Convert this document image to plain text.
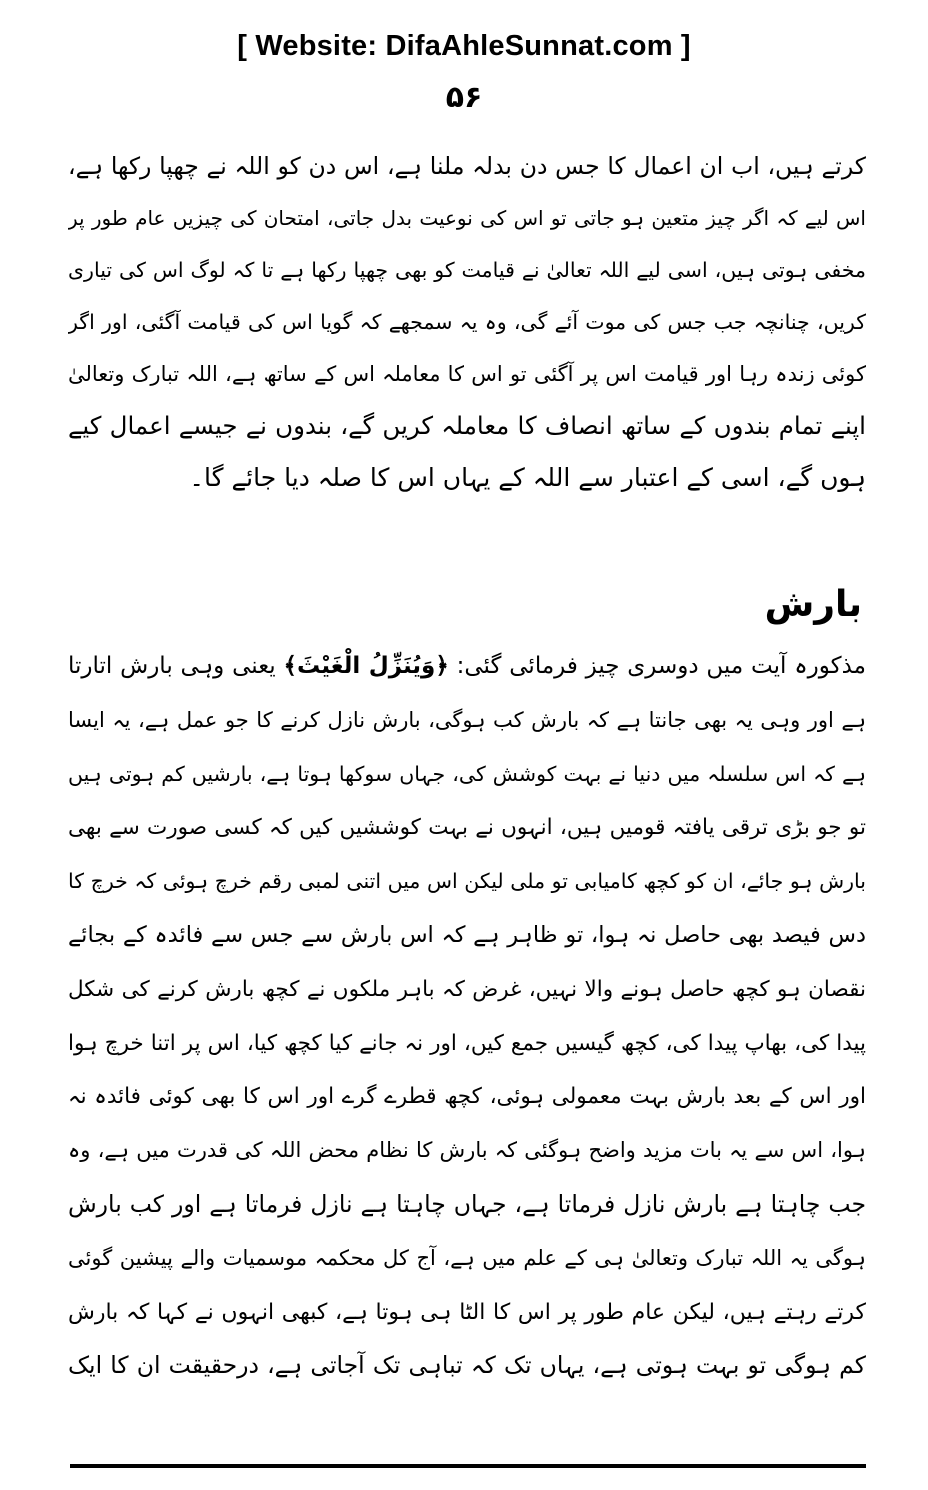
[ Website: DifaAhleSunnat.com ]
۵۶
کرتے ہیں، اب ان اعمال کا جس دن بدلہ ملنا ہے، اس دن کو اللہ نے چھپا رکھا ہے،
اس لیے کہ اگر چیز متعین ہو جاتی تو اس کی نوعیت بدل جاتی، امتحان کی چیزیں عام طور پر
مخفی ہوتی ہیں، اسی لیے اللہ تعالیٰ نے قیامت کو بھی چھپا رکھا ہے تا کہ لوگ اس کی تیاری
کریں، چنانچہ جب جس کی موت آئے گی، وہ یہ سمجھے کہ گویا اس کی قیامت آگئی، اور اگر
کوئی زندہ رہا اور قیامت اس پر آگئی تو اس کا معاملہ اس کے ساتھ ہے، اللہ تبارک وتعالیٰ
اپنے تمام بندوں کے ساتھ انصاف کا معاملہ کریں گے، بندوں نے جیسے اعمال کیے
ہوں گے، اسی کے اعتبار سے اللہ کے یہاں اس کا صلہ دیا جائے گا۔
بارش
مذکورہ آیت میں دوسری چیز فرمائی گئی: ﴿وَيُنَزِّلُ الْغَيْثَ﴾ یعنی وہی بارش اتارتا
ہے اور وہی یہ بھی جانتا ہے کہ بارش کب ہوگی، بارش نازل کرنے کا جو عمل ہے، یہ ایسا
ہے کہ اس سلسلہ میں دنیا نے بہت کوشش کی، جہاں سوکھا ہوتا ہے، بارشیں کم ہوتی ہیں
تو جو بڑی ترقی یافتہ قومیں ہیں، انہوں نے بہت کوششیں کیں کہ کسی صورت سے بھی
بارش ہو جائے، ان کو کچھ کامیابی تو ملی لیکن اس میں اتنی لمبی رقم خرچ ہوئی کہ خرچ کا
دس فیصد بھی حاصل نہ ہوا، تو ظاہر ہے کہ اس بارش سے جس سے فائدہ کے بجائے
نقصان ہو کچھ حاصل ہونے والا نہیں، غرض کہ باہر ملکوں نے کچھ بارش کرنے کی شکل
پیدا کی، بھاپ پیدا کی، کچھ گیسیں جمع کیں، اور نہ جانے کیا کچھ کیا، اس پر اتنا خرچ ہوا
اور اس کے بعد بارش بہت معمولی ہوئی، کچھ قطرے گرے اور اس کا بھی کوئی فائدہ نہ
ہوا، اس سے یہ بات مزید واضح ہوگئی کہ بارش کا نظام محض اللہ کی قدرت میں ہے، وہ
جب چاہتا ہے بارش نازل فرماتا ہے، جہاں چاہتا ہے نازل فرماتا ہے اور کب بارش
ہوگی یہ اللہ تبارک وتعالیٰ ہی کے علم میں ہے، آج کل محکمہ موسمیات والے پیشین گوئی
کرتے رہتے ہیں، لیکن عام طور پر اس کا الٹا ہی ہوتا ہے، کبھی انہوں نے کہا کہ بارش
کم ہوگی تو بہت ہوتی ہے، یہاں تک کہ تباہی تک آجاتی ہے، درحقیقت ان کا ایک
